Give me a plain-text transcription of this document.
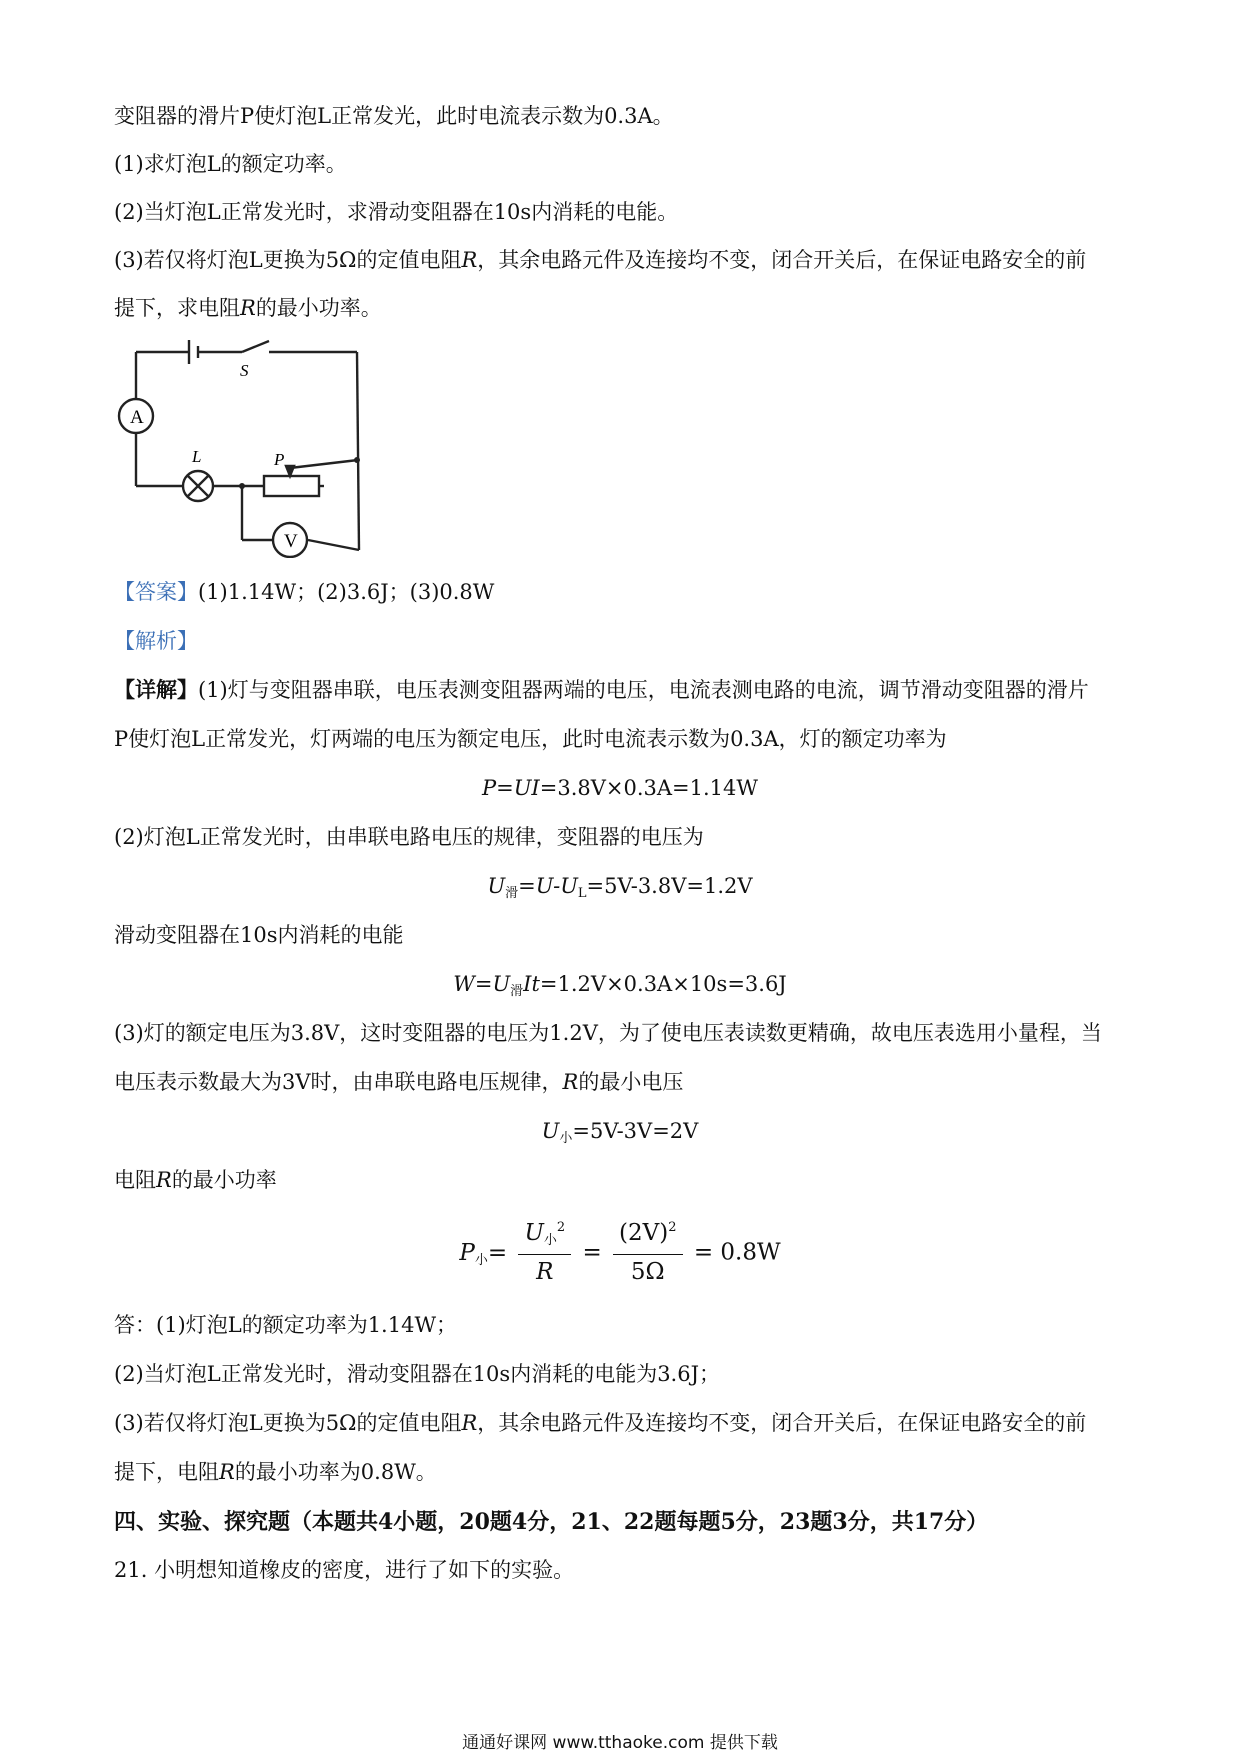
变阻器的滑片P使灯泡L正常发光，此时电流表示数为0.3A。
(1)求灯泡L的额定功率。
(2)当灯泡L正常发光时，求滑动变阻器在10s内消耗的电能。
(3)若仅将灯泡L更换为5Ω的定值电阻R，其余电路元件及连接均不变，闭合开关后，在保证电路安全的前
提下，求电阻R的最小功率。
S
A
L	P
V
【答案】(1)1.14W；(2)3.6J；(3)0.8W
【解析】
【详解】(1)灯与变阻器串联，电压表测变阻器两端的电压，电流表测电路的电流，调节滑动变阻器的滑片
P使灯泡L正常发光，灯两端的电压为额定电压，此时电流表示数为0.3A，灯的额定功率为
P=UI=3.8V×0.3A=1.14W
(2)灯泡L正常发光时，由串联电路电压的规律，变阻器的电压为
U滑=U-UL=5V-3.8V=1.2V
滑动变阻器在10s内消耗的电能
W=U滑It=1.2V×0.3A×10s=3.6J
(3)灯的额定电压为3.8V，这时变阻器的电压为1.2V，为了使电压表读数更精确，故电压表选用小量程，当
电压表示数最大为3V时，由串联电路电压规律，R的最小电压
U小=5V-3V=2V
电阻R的最小功率
P小= $\frac{U小^2}{R} = \frac{(2V)^2}{5\Omega} = 0.8W$
答：(1)灯泡L的额定功率为1.14W；
(2)当灯泡L正常发光时，滑动变阻器在10s内消耗的电能为3.6J；
(3)若仅将灯泡L更换为5Ω的定值电阻R，其余电路元件及连接均不变，闭合开关后，在保证电路安全的前
提下，电阻R的最小功率为0.8W。
四、实验、探究题（本题共4小题，20题4分，21、22题每题5分，23题3分，共17分）
21. 小明想知道橡皮的密度，进行了如下的实验。
通通好课网 www.tthaoke.com 提供下载
